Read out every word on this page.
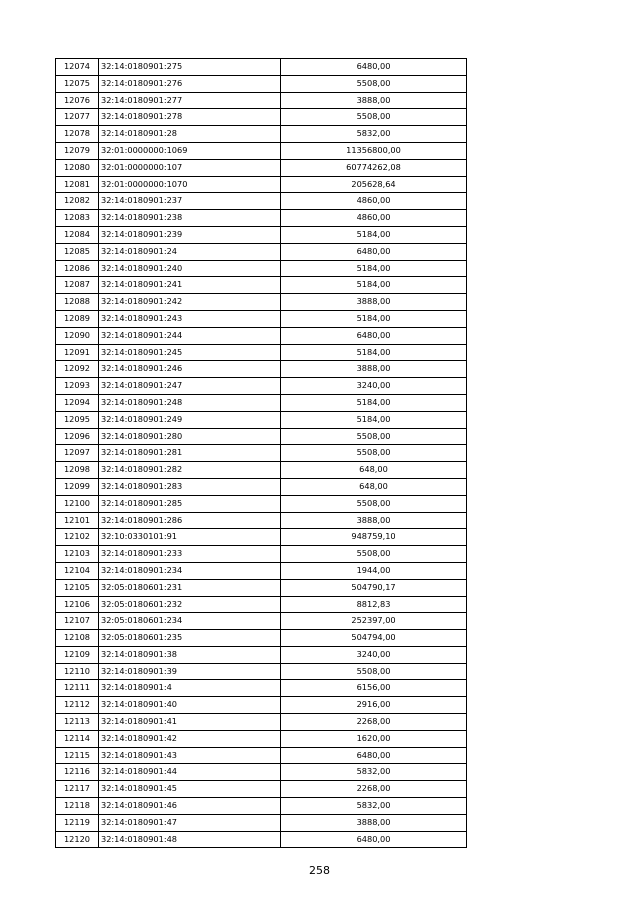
12074	32:14:0180901:275	6480,00
12075	32:14:0180901:276	5508,00
12076	32:14:0180901:277	3888,00
12077	32:14:0180901:278	5508,00
12078	32:14:0180901:28	5832,00
12079	32:01:0000000:1069	11356800,00
12080	32:01:0000000:107	60774262,08
12081	32:01:0000000:1070	205628,64
12082	32:14:0180901:237	4860,00
12083	32:14:0180901:238	4860,00
12084	32:14:0180901:239	5184,00
12085	32:14:0180901:24	6480,00
12086	32:14:0180901:240	5184,00
12087	32:14:0180901:241	5184,00
12088	32:14:0180901:242	3888,00
12089	32:14:0180901:243	5184,00
12090	32:14:0180901:244	6480,00
12091	32:14:0180901:245	5184,00
12092	32:14:0180901:246	3888,00
12093	32:14:0180901:247	3240,00
12094	32:14:0180901:248	5184,00
12095	32:14:0180901:249	5184,00
12096	32:14:0180901:280	5508,00
12097	32:14:0180901:281	5508,00
12098	32:14:0180901:282	648,00
12099	32:14:0180901:283	648,00
12100	32:14:0180901:285	5508,00
12101	32:14:0180901:286	3888,00
12102	32:10:0330101:91	948759,10
12103	32:14:0180901:233	5508,00
12104	32:14:0180901:234	1944,00
12105	32:05:0180601:231	504790,17
12106	32:05:0180601:232	8812,83
12107	32:05:0180601:234	252397,00
12108	32:05:0180601:235	504794,00
12109	32:14:0180901:38	3240,00
12110	32:14:0180901:39	5508,00
12111	32:14:0180901:4	6156,00
12112	32:14:0180901:40	2916,00
12113	32:14:0180901:41	2268,00
12114	32:14:0180901:42	1620,00
12115	32:14:0180901:43	6480,00
12116	32:14:0180901:44	5832,00
12117	32:14:0180901:45	2268,00
12118	32:14:0180901:46	5832,00
12119	32:14:0180901:47	3888,00
12120	32:14:0180901:48	6480,00
258
